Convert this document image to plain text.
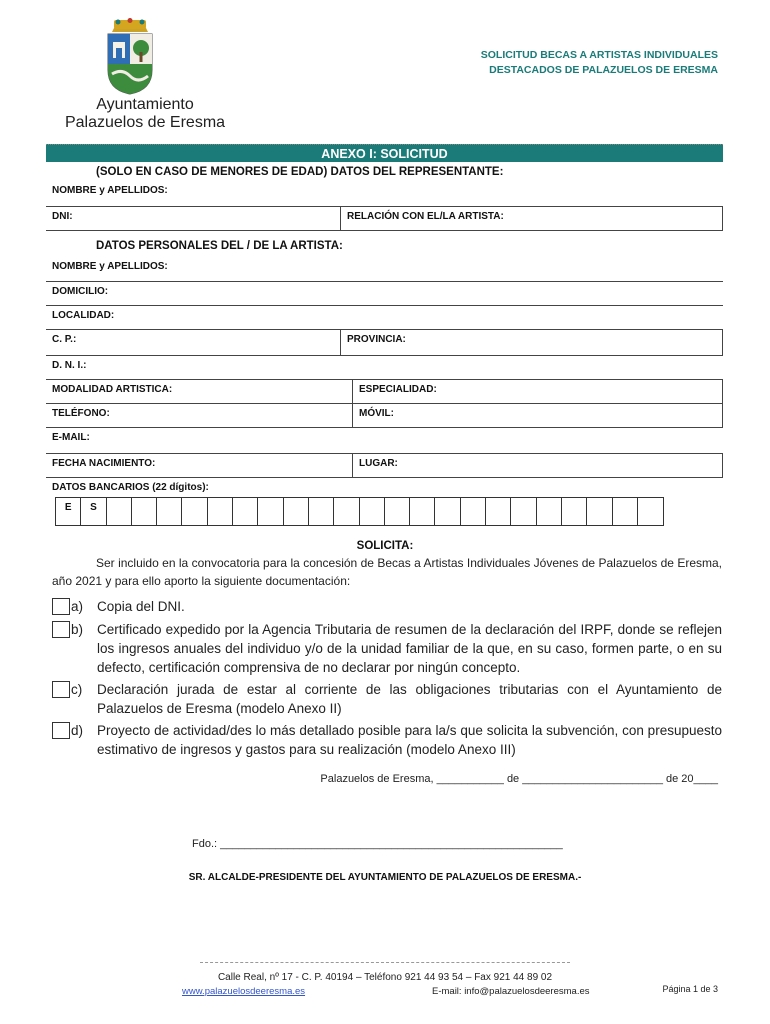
Ayuntamiento
Palazuelos de Eresma
SOLICITUD BECAS A ARTISTAS INDIVIDUALES
DESTACADOS DE PALAZUELOS DE ERESMA
ANEXO I: SOLICITUD
(SOLO EN CASO DE MENORES DE EDAD) DATOS DEL REPRESENTANTE:
NOMBRE y APELLIDOS:
DNI:	RELACIÓN CON EL/LA ARTISTA:
DATOS PERSONALES DEL / DE LA ARTISTA:
NOMBRE y APELLIDOS:
DOMICILIO:
LOCALIDAD:
C. P.:	PROVINCIA:
D. N. I.:
MODALIDAD ARTISTICA:	ESPECIALIDAD:
TELÉFONO:	MÓVIL:
E-MAIL:
FECHA NACIMIENTO:	LUGAR:
DATOS BANCARIOS (22 dígitos):
E	S
SOLICITA:
Ser incluido en la convocatoria para la concesión de Becas a Artistas Individuales Jóvenes de Palazuelos de Eresma, año 2021 y para ello aporto la siguiente documentación:
a) Copia del DNI.
b) Certificado expedido por la Agencia Tributaria de resumen de la declaración del IRPF, donde se reflejen los ingresos anuales del individuo y/o de la unidad familiar de la que, en su caso, formen parte, o en su defecto, certificación comprensiva de no declarar por ningún concepto.
c) Declaración jurada de estar al corriente de las obligaciones tributarias con el Ayuntamiento de Palazuelos de Eresma (modelo Anexo II)
d) Proyecto de actividad/des lo más detallado posible para la/s que solicita la subvención, con presupuesto estimativo de ingresos y gastos para su realización (modelo Anexo III)
Palazuelos de Eresma, ___________ de _______________________ de 20____
Fdo.: ________________________________________________________
SR. ALCALDE-PRESIDENTE DEL AYUNTAMIENTO DE PALAZUELOS DE ERESMA.-
Calle Real, nº 17 - C. P. 40194 – Teléfono 921 44 93 54 – Fax 921 44 89 02
www.palazuelosdeeresma.es	E-mail: info@palazuelosdeeresma.es	Página 1 de 3
